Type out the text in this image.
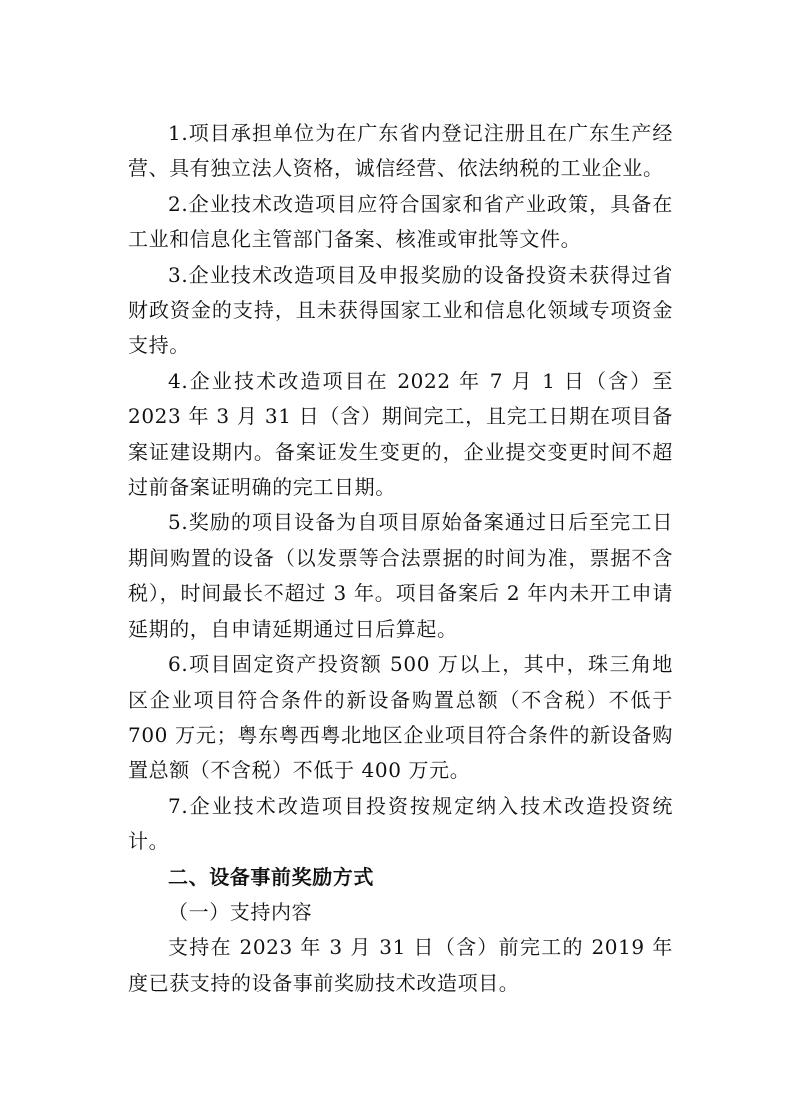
1.项目承担单位为在广东省内登记注册且在广东生产经营、具有独立法人资格，诚信经营、依法纳税的工业企业。

2.企业技术改造项目应符合国家和省产业政策，具备在工业和信息化主管部门备案、核准或审批等文件。

3.企业技术改造项目及申报奖励的设备投资未获得过省财政资金的支持，且未获得国家工业和信息化领域专项资金支持。

4.企业技术改造项目在 2022 年 7 月 1 日（含）至 2023 年 3 月 31 日（含）期间完工，且完工日期在项目备案证建设期内。备案证发生变更的，企业提交变更时间不超过前备案证明确的完工日期。

5.奖励的项目设备为自项目原始备案通过日后至完工日期间购置的设备（以发票等合法票据的时间为准，票据不含税），时间最长不超过 3 年。项目备案后 2 年内未开工申请延期的，自申请延期通过日后算起。

6.项目固定资产投资额 500 万以上，其中，珠三角地区企业项目符合条件的新设备购置总额（不含税）不低于 700 万元；粤东粤西粤北地区企业项目符合条件的新设备购置总额（不含税）不低于 400 万元。

7.企业技术改造项目投资按规定纳入技术改造投资统计。

二、设备事前奖励方式

（一）支持内容

支持在 2023 年 3 月 31 日（含）前完工的 2019 年度已获支持的设备事前奖励技术改造项目。
